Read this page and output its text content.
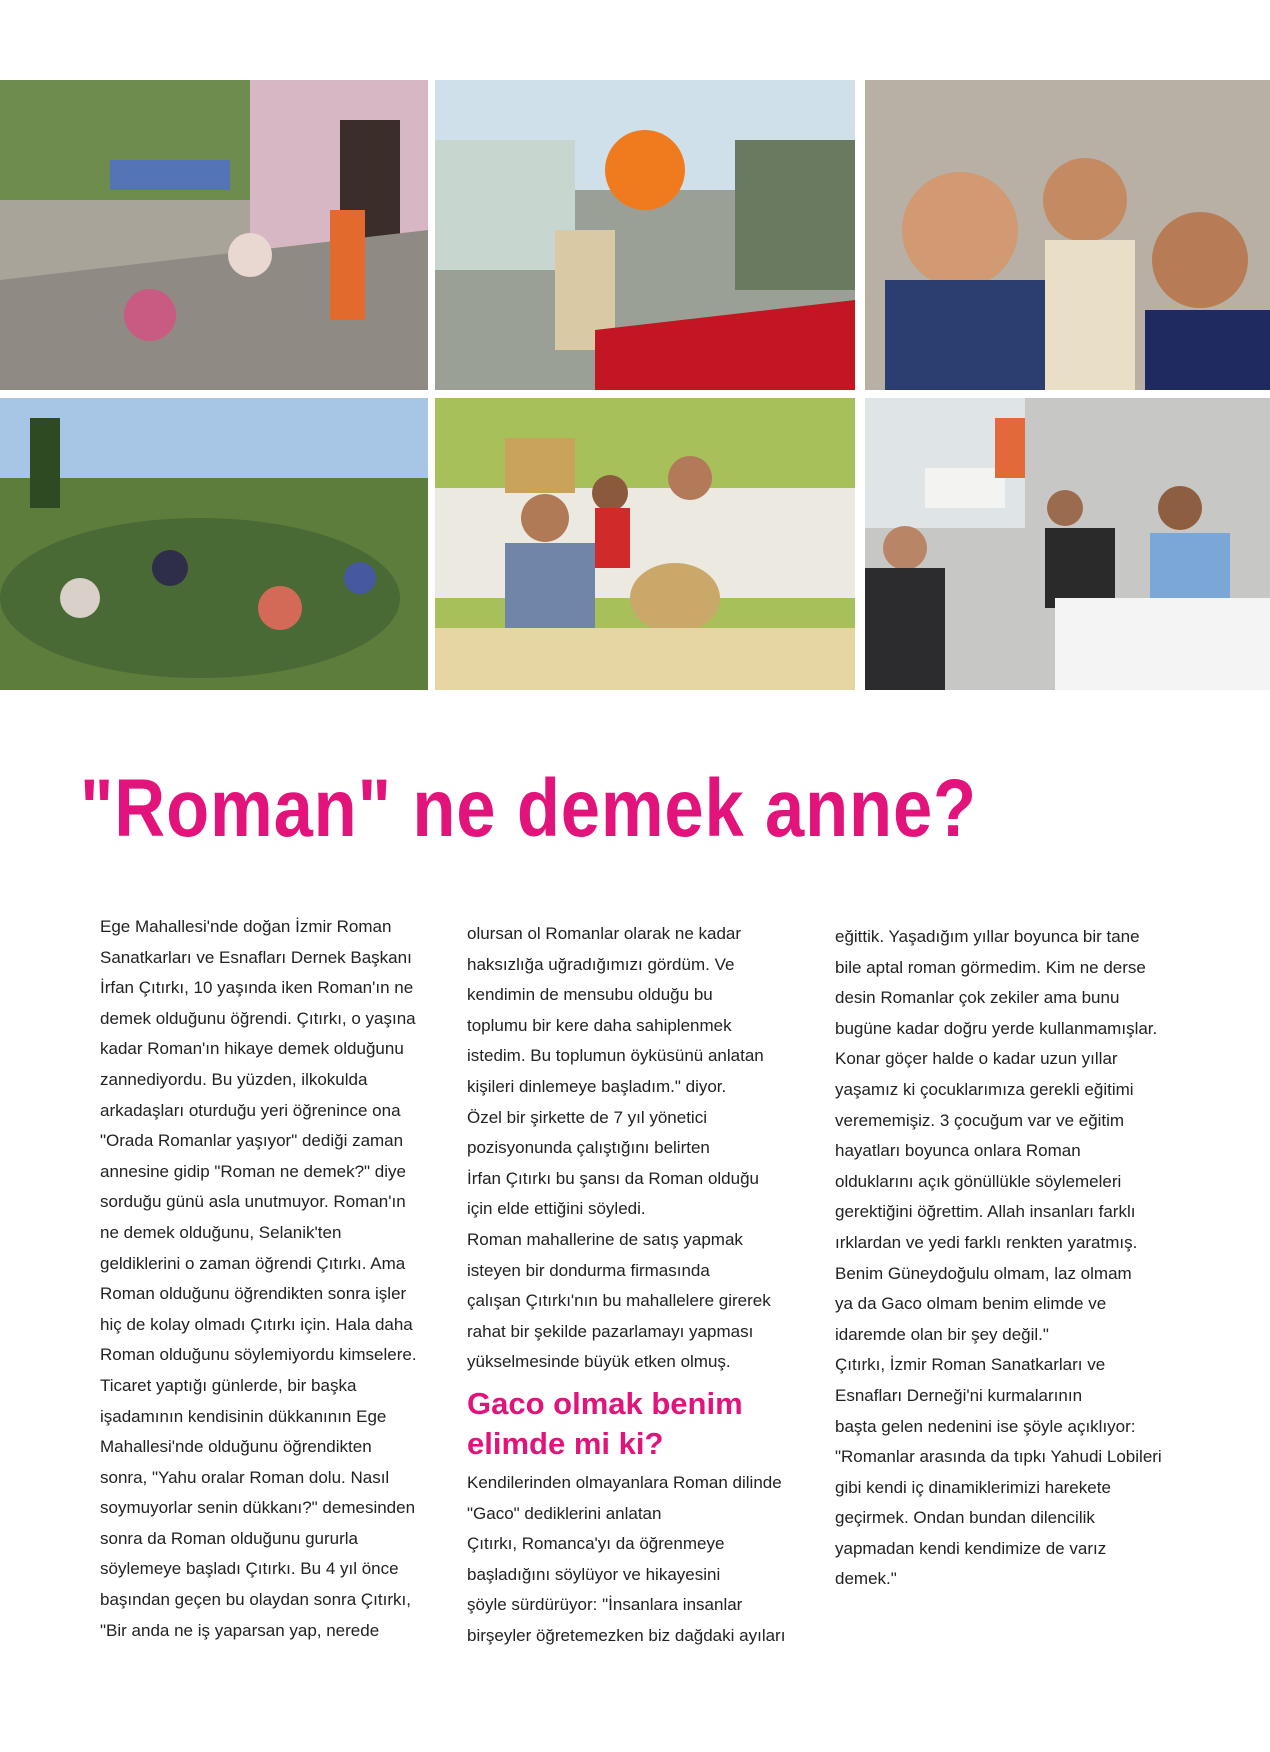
"Roman" ne demek anne?

Ege Mahallesi'nde doğan İzmir Roman

Sanatkarları ve Esnafları Dernek Başkanı

İrfan Çıtırkı, 10 yaşında iken Roman'ın ne

demek olduğunu öğrendi. Çıtırkı, o yaşına

kadar Roman'ın hikaye demek olduğunu

zannediyordu. Bu yüzden, ilkokulda

arkadaşları oturduğu yeri öğrenince ona

"Orada Romanlar yaşıyor" dediği zaman

annesine gidip "Roman ne demek?" diye

sorduğu günü asla unutmuyor. Roman'ın

ne demek olduğunu, Selanik'ten

geldiklerini o zaman öğrendi Çıtırkı. Ama

Roman olduğunu öğrendikten sonra işler

hiç de kolay olmadı Çıtırkı için. Hala daha

Roman olduğunu söylemiyordu kimselere.

Ticaret yaptığı günlerde, bir başka

işadamının kendisinin dükkanının Ege

Mahallesi'nde olduğunu öğrendikten

sonra, "Yahu oralar Roman dolu. Nasıl

soymuyorlar senin dükkanı?" demesinden

sonra da Roman olduğunu gururla

söylemeye başladı Çıtırkı. Bu 4 yıl önce

başından geçen bu olaydan sonra Çıtırkı,

"Bir anda ne iş yaparsan yap, nerede

olursan ol Romanlar olarak ne kadar

haksızlığa uğradığımızı gördüm. Ve

kendimin de mensubu olduğu bu

toplumu bir kere daha sahiplenmek

istedim. Bu toplumun öyküsünü anlatan

kişileri dinlemeye başladım." diyor.

Özel bir şirkette de 7 yıl yönetici

pozisyonunda çalıştığını belirten

İrfan Çıtırkı bu şansı da Roman olduğu

için elde ettiğini söyledi.

Roman mahallerine de satış yapmak

isteyen bir dondurma firmasında

çalışan Çıtırkı'nın bu mahallelere girerek

rahat bir şekilde pazarlamayı yapması

yükselmesinde büyük etken olmuş.

Gaco olmak benim
elimde mi ki?

Kendilerinden olmayanlara Roman dilinde

"Gaco" dediklerini anlatan

Çıtırkı, Romanca'yı da öğrenmeye

başladığını söylüyor ve hikayesini

şöyle sürdürüyor: "İnsanlara insanlar

birşeyler öğretemezken biz dağdaki ayıları

eğittik. Yaşadığım yıllar boyunca bir tane

bile aptal roman görmedim. Kim ne derse

desin Romanlar çok zekiler ama bunu

bugüne kadar doğru yerde kullanmamışlar.

Konar göçer halde o kadar uzun yıllar

yaşamız ki çocuklarımıza gerekli eğitimi

verememişiz. 3 çocuğum var ve eğitim

hayatları boyunca onlara Roman

olduklarını açık gönüllükle söylemeleri

gerektiğini öğrettim. Allah insanları farklı

ırklardan ve yedi farklı renkten yaratmış.

Benim Güneydoğulu olmam, laz olmam

ya da Gaco olmam benim elimde ve

idaremde olan bir şey değil."

Çıtırkı, İzmir Roman Sanatkarları ve

Esnafları Derneği'ni kurmalarının

başta gelen nedenini ise şöyle açıklıyor:

"Romanlar arasında da tıpkı Yahudi Lobileri

gibi kendi iç dinamiklerimizi harekete

geçirmek. Ondan bundan dilencilik

yapmadan kendi kendimize de varız

demek."
